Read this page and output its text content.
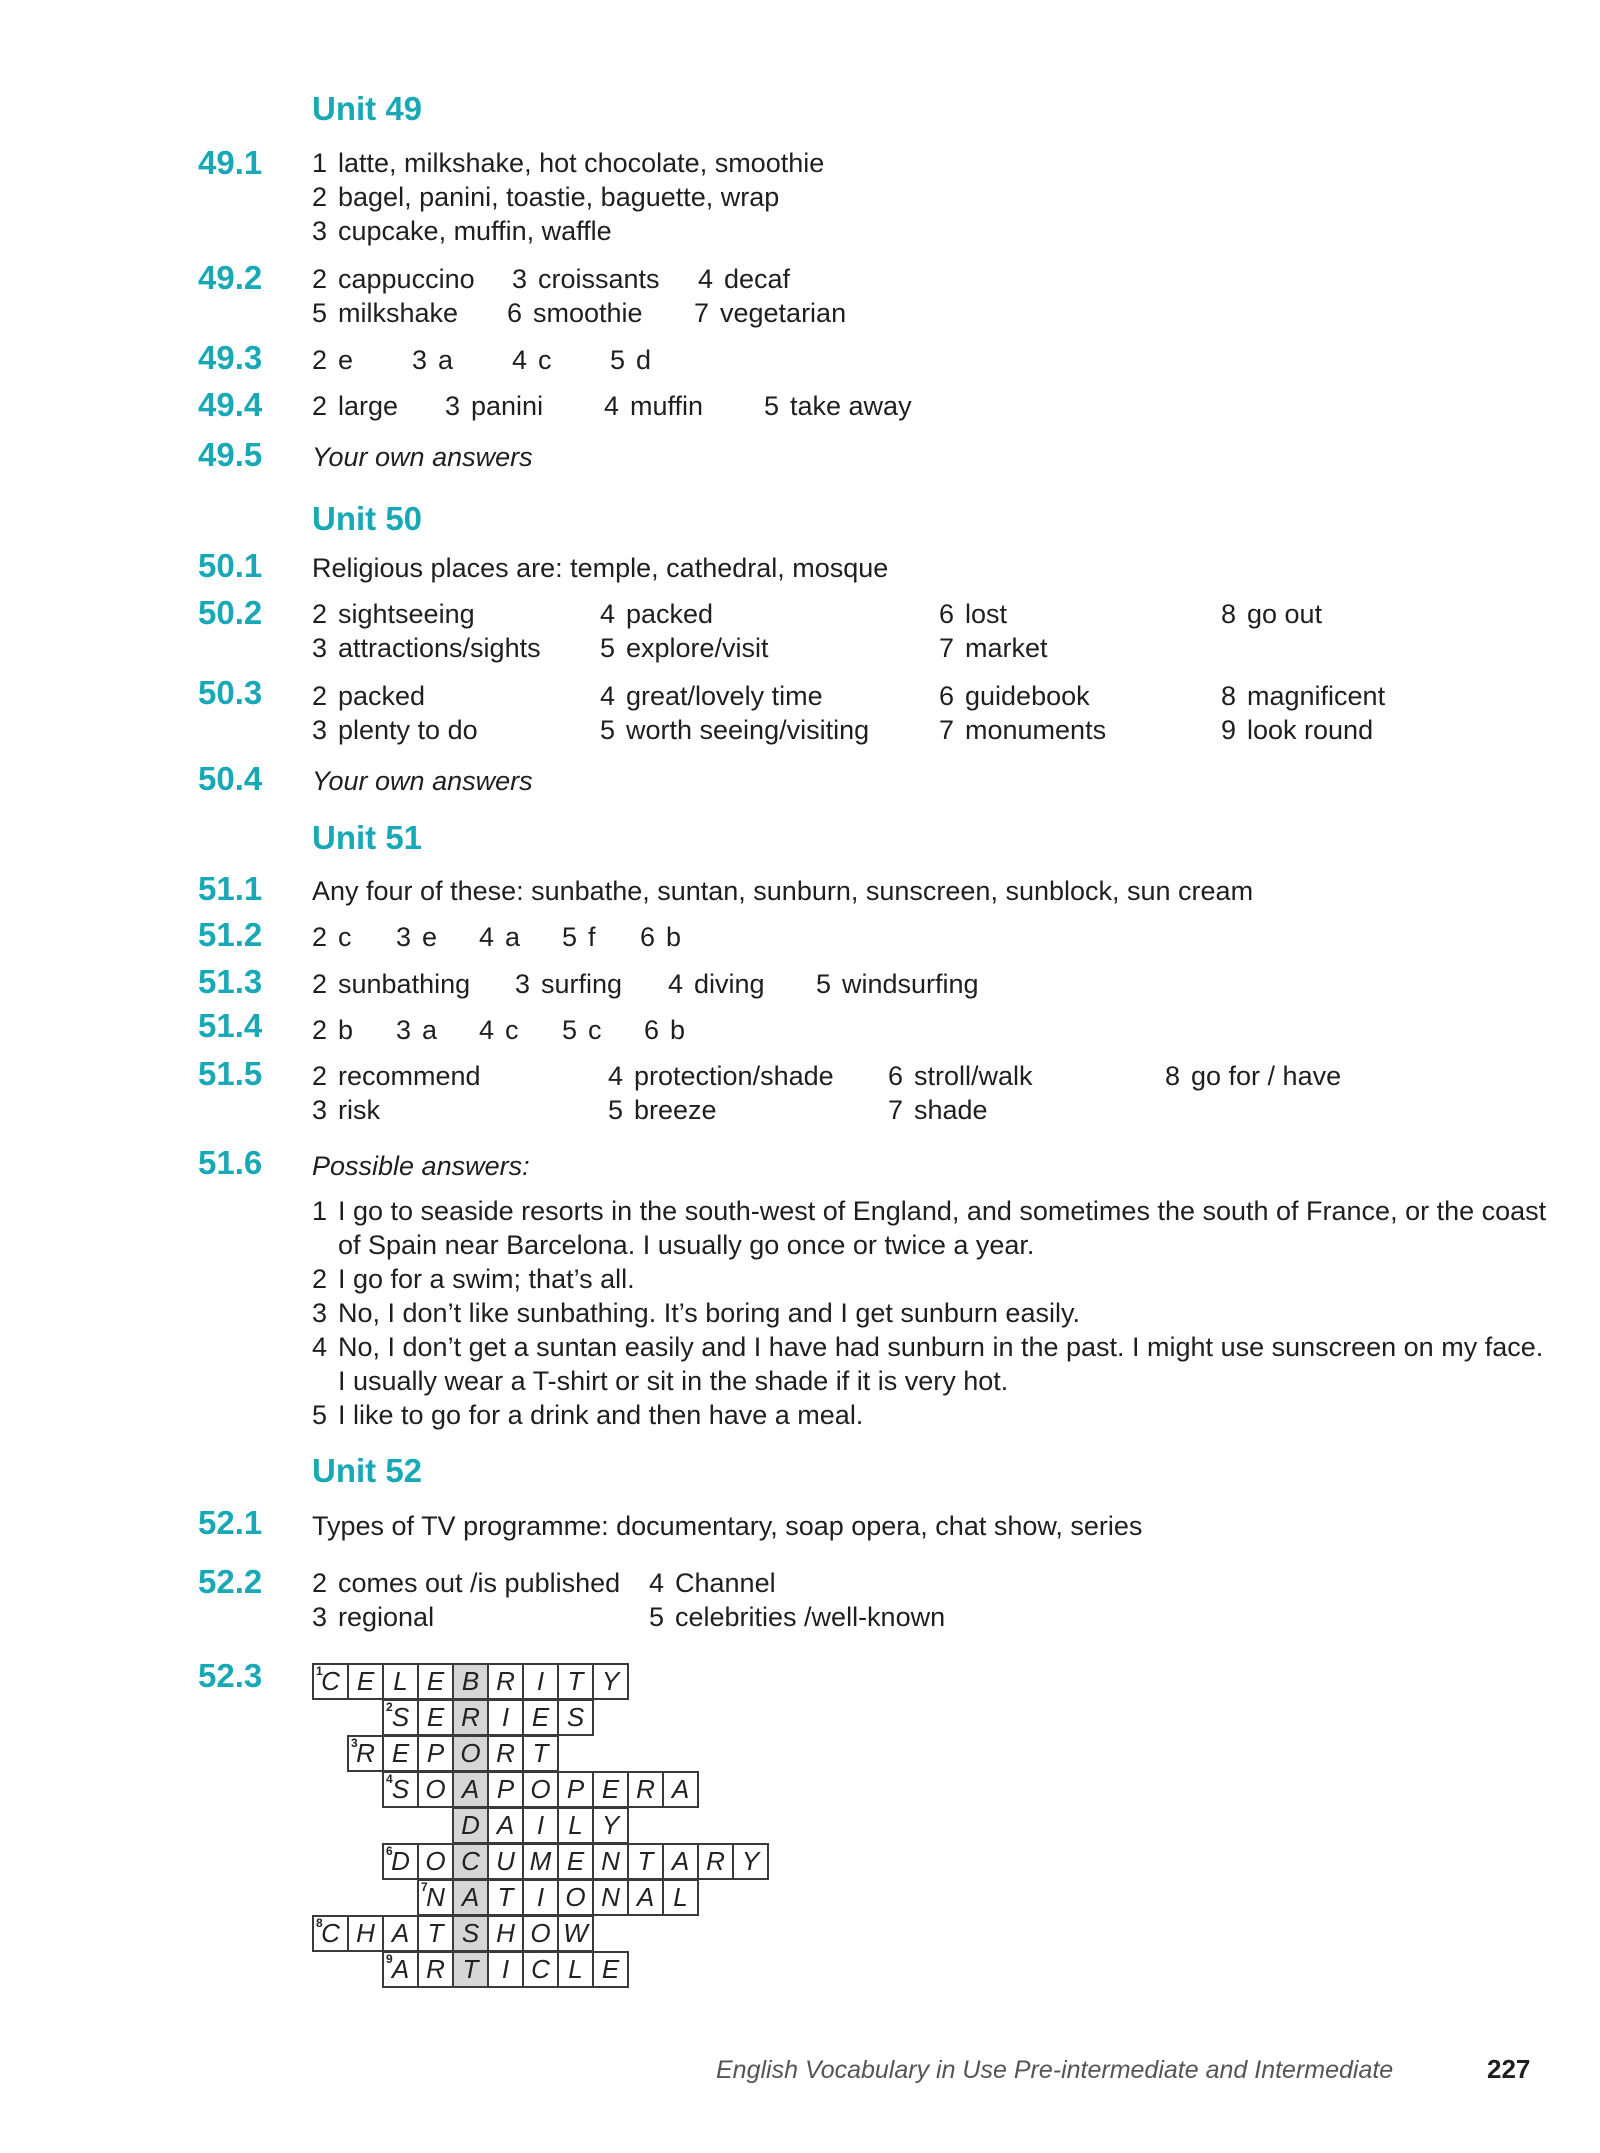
Unit 49
49.1 1 latte, milkshake, hot chocolate, smoothie
2 bagel, panini, toastie, baguette, wrap
3 cupcake, muffin, waffle
49.2 2 cappuccino 3 croissants 4 decaf
5 milkshake 6 smoothie 7 vegetarian
49.3 2 e 3 a 4 c 5 d
49.4 2 large 3 panini 4 muffin 5 take away
49.5 Your own answers
Unit 50
50.1 Religious places are: temple, cathedral, mosque
50.2 2 sightseeing	4 packed	6 lost	8 go out
3 attractions/sights 5 explore/visit	7 market
50.3 2 packed	4 great/lovely time	6 guidebook	8 magnificent
3 plenty to do	5 worth seeing/visiting	7 monuments	9 look round
50.4 Your own answers
Unit 51
51.1 Any four of these: sunbathe, suntan, sunburn, sunscreen, sunblock, sun cream
51.2 2 c 3 e 4 a 5 f 6 b
51.3 2 sunbathing 3 surfing 4 diving 5 windsurfing
51.4 2 b 3 a 4 c 5 c 6 b
51.5 2 recommend	4 protection/shade 6 stroll/walk	8 go for / have
3 risk	5 breeze	7 shade
51.6 Possible answers:
1 I go to seaside resorts in the south-west of England, and sometimes the south of France, or the coast of Spain near Barcelona. I usually go once or twice a year.
2 I go for a swim; that’s all.
3 No, I don’t like sunbathing. It’s boring and I get sunburn easily.
4 No, I don’t get a suntan easily and I have had sunburn in the past. I might use sunscreen on my face. I usually wear a T-shirt or sit in the shade if it is very hot.
5 I like to go for a drink and then have a meal.
Unit 52
52.1 Types of TV programme: documentary, soap opera, chat show, series
52.2 2 comes out /is published 4 Channel
3 regional	5 celebrities /well-known
52.3	1
C E L E B R I T Y
2 S E R I E S
3
R E P O R T
4 S O A P O P E R A
D A I L Y
6
D O C U M E N T A R Y
7
N A T I O N A L
8
C H A T S H O W
9 A R T I C L E
English Vocabulary in Use Pre-intermediate and Intermediate	227
